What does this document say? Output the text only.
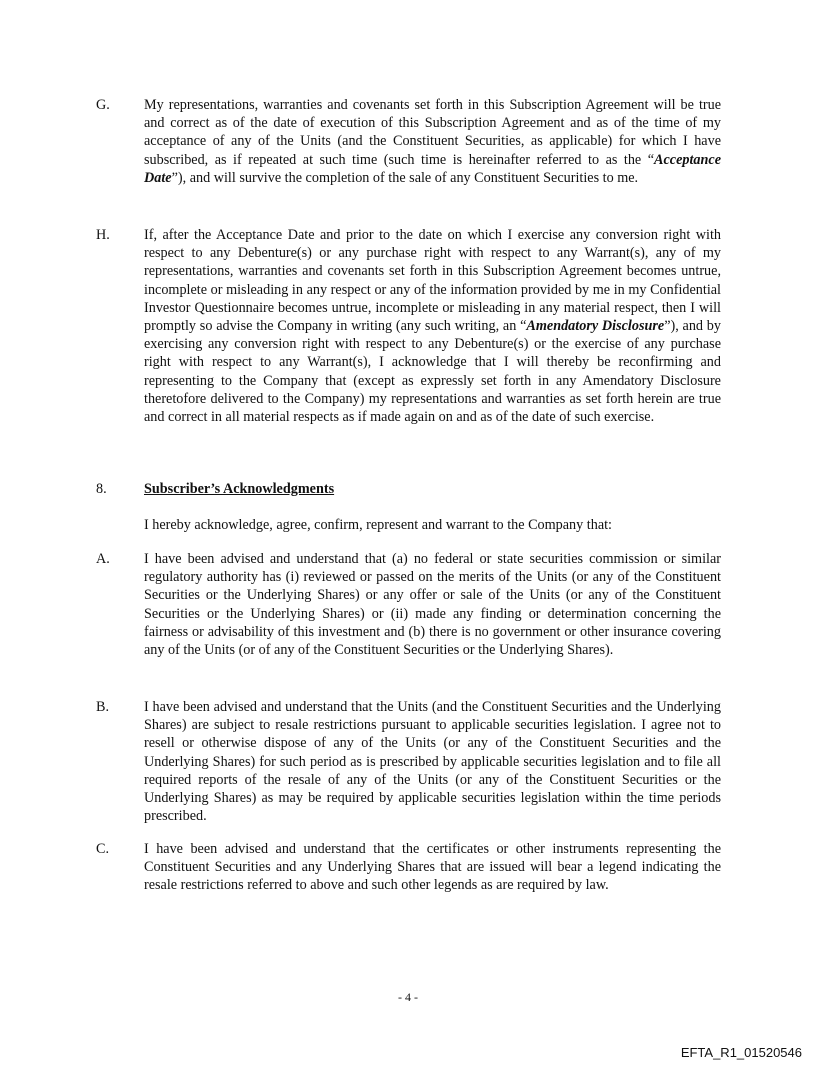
G. My representations, warranties and covenants set forth in this Subscription Agreement will be true and correct as of the date of execution of this Subscription Agreement and as of the time of my acceptance of any of the Units (and the Constituent Securities, as applicable) for which I have subscribed, as if repeated at such time (such time is hereinafter referred to as the “Acceptance Date”), and will survive the completion of the sale of any Constituent Securities to me.
H. If, after the Acceptance Date and prior to the date on which I exercise any conversion right with respect to any Debenture(s) or any purchase right with respect to any Warrant(s), any of my representations, warranties and covenants set forth in this Subscription Agreement becomes untrue, incomplete or misleading in any respect or any of the information provided by me in my Confidential Investor Questionnaire becomes untrue, incomplete or misleading in any material respect, then I will promptly so advise the Company in writing (any such writing, an “Amendatory Disclosure”), and by exercising any conversion right with respect to any Debenture(s) or the exercise of any purchase right with respect to any Warrant(s), I acknowledge that I will thereby be reconfirming and representing to the Company that (except as expressly set forth in any Amendatory Disclosure theretofore delivered to the Company) my representations and warranties as set forth herein are true and correct in all material respects as if made again on and as of the date of such exercise.
8.	Subscriber’s Acknowledgments
I hereby acknowledge, agree, confirm, represent and warrant to the Company that:
A. I have been advised and understand that (a) no federal or state securities commission or similar regulatory authority has (i) reviewed or passed on the merits of the Units (or any of the Constituent Securities or the Underlying Shares) or any offer or sale of the Units (or any of the Constituent Securities or the Underlying Shares) or (ii) made any finding or determination concerning the fairness or advisability of this investment and (b) there is no government or other insurance covering any of the Units (or of any of the Constituent Securities or the Underlying Shares).
B. I have been advised and understand that the Units (and the Constituent Securities and the Underlying Shares) are subject to resale restrictions pursuant to applicable securities legislation. I agree not to resell or otherwise dispose of any of the Units (or any of the Constituent Securities and the Underlying Shares) for such period as is prescribed by applicable securities legislation and to file all required reports of the resale of any of the Units (or any of the Constituent Securities or the Underlying Shares) as may be required by applicable securities legislation within the time periods prescribed.
C. I have been advised and understand that the certificates or other instruments representing the Constituent Securities and any Underlying Shares that are issued will bear a legend indicating the resale restrictions referred to above and such other legends as are required by law.
- 4 -
EFTA_R1_01520546
